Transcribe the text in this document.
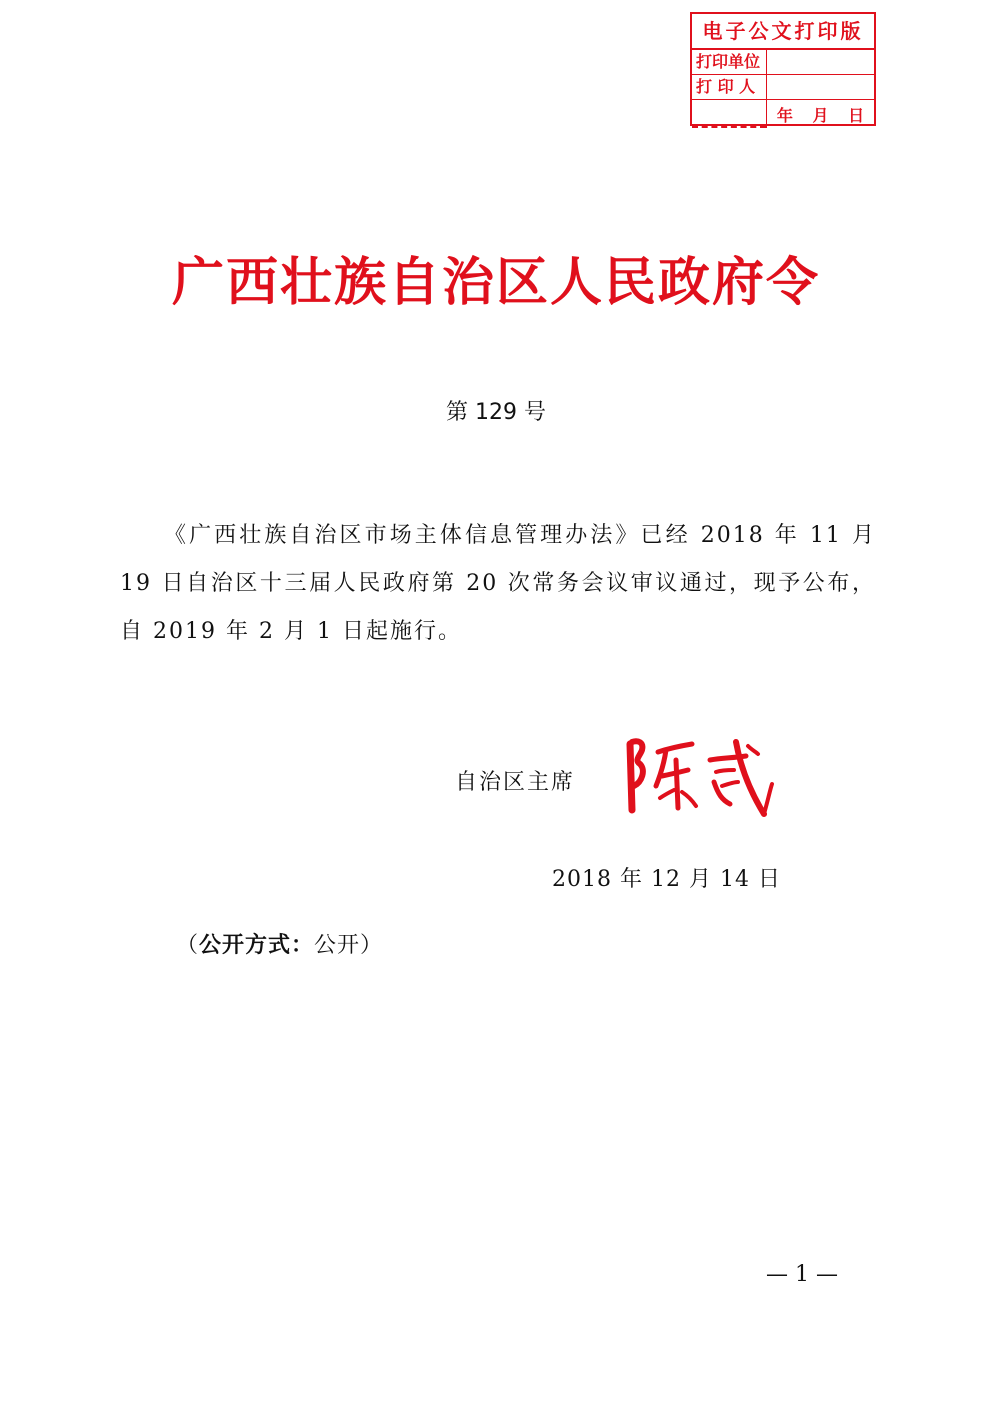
电子公文打印版
打印单位
打 印 人
年 月 日
广西壮族自治区人民政府令
第 129 号
《广西壮族自治区市场主体信息管理办法》已经 2018 年 11 月 19 日自治区十三届人民政府第 20 次常务会议审议通过，现予公布，自 2019 年 2 月 1 日起施行。
自治区主席
2018 年 12 月 14 日
（公开方式：公开）
— 1 —
